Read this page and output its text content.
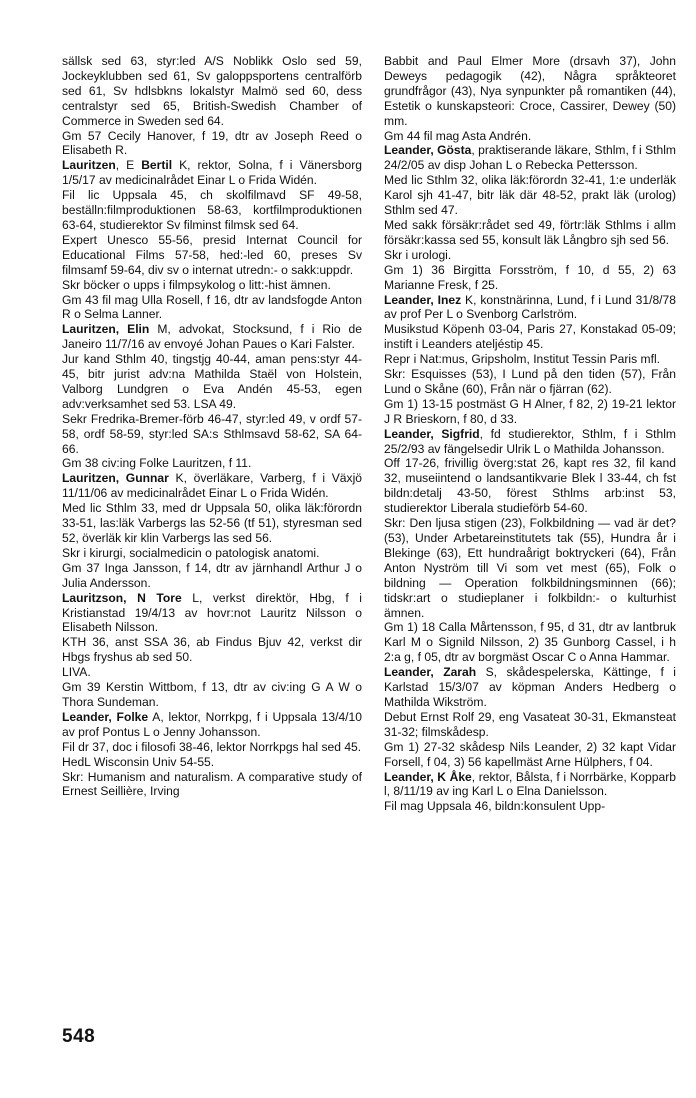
sällsk sed 63, styr:led A/S Noblikk Oslo sed 59, Jockeyklubben sed 61, Sv galoppsportens centralförb sed 61, Sv hdlsbkns lokalstyr Malmö sed 60, dess centralstyr sed 65, British-Swedish Chamber of Commerce in Sweden sed 64.

Gm 57 Cecily Hanover, f 19, dtr av Joseph Reed o Elisabeth R.

Lauritzen, E Bertil K, rektor, Solna, f i Vänersborg 1/5/17 av medicinalrådet Einar L o Frida Widén.

Fil lic Uppsala 45, ch skolfilmavd SF 49-58, beställn:filmproduktionen 58-63, kortfilmproduktionen 63-64, studierektor Sv filminst filmsk sed 64.

Expert Unesco 55-56, presid Internat Council for Educational Films 57-58, hed:-led 60, preses Sv filmsamf 59-64, div sv o internat utredn:- o sakk:uppdr.

Skr böcker o upps i filmpsykolog o litt:-hist ämnen.

Gm 43 fil mag Ulla Rosell, f 16, dtr av landsfogde Anton R o Selma Lanner.

Lauritzen, Elin M, advokat, Stocksund, f i Rio de Janeiro 11/7/16 av envoyé Johan Paues o Kari Falster.

Jur kand Sthlm 40, tingstjg 40-44, aman pens:styr 44-45, bitr jurist adv:na Mathilda Staël von Holstein, Valborg Lundgren o Eva Andén 45-53, egen adv:verksamhet sed 53. LSA 49.

Sekr Fredrika-Bremer-förb 46-47, styr:led 49, v ordf 57-58, ordf 58-59, styr:led SA:s Sthlmsavd 58-62, SA 64-66.

Gm 38 civ:ing Folke Lauritzen, f 11.

Lauritzen, Gunnar K, överläkare, Varberg, f i Växjö 11/11/06 av medicinalrådet Einar L o Frida Widén.

Med lic Sthlm 33, med dr Uppsala 50, olika läk:förordn 33-51, las:läk Varbergs las 52-56 (tf 51), styresman sed 52, överläk kir klin Varbergs las sed 56.

Skr i kirurgi, socialmedicin o patologisk anatomi.

Gm 37 Inga Jansson, f 14, dtr av järnhandl Arthur J o Julia Andersson.

Lauritzson, N Tore L, verkst direktör, Hbg, f i Kristianstad 19/4/13 av hovr:not Lauritz Nilsson o Elisabeth Nilsson.

KTH 36, anst SSA 36, ab Findus Bjuv 42, verkst dir Hbgs fryshus ab sed 50.

LIVA.

Gm 39 Kerstin Wittbom, f 13, dtr av civ:ing G A W o Thora Sundeman.

Leander, Folke A, lektor, Norrkpg, f i Uppsala 13/4/10 av prof Pontus L o Jenny Johansson.

Fil dr 37, doc i filosofi 38-46, lektor Norrkpgs hal sed 45.

HedL Wisconsin Univ 54-55.

Skr: Humanism and naturalism. A comparative study of Ernest Seillière, Irving

Babbit and Paul Elmer More (drsavh 37), John Deweys pedagogik (42), Några språkteoret grundfrågor (43), Nya synpunkter på romantiken (44), Estetik o kunskapsteori: Croce, Cassirer, Dewey (50) mm.

Gm 44 fil mag Asta Andrén.

Leander, Gösta, praktiserande läkare, Sthlm, f i Sthlm 24/2/05 av disp Johan L o Rebecka Pettersson.

Med lic Sthlm 32, olika läk:förordn 32-41, 1:e underläk Karol sjh 41-47, bitr läk där 48-52, prakt läk (urolog) Sthlm sed 47.

Med sakk försäkr:rådet sed 49, förtr:läk Sthlms i allm försäkr:kassa sed 55, konsult läk Långbro sjh sed 56.

Skr i urologi.

Gm 1) 36 Birgitta Forsström, f 10, d 55, 2) 63 Marianne Fresk, f 25.

Leander, Inez K, konstnärinna, Lund, f i Lund 31/8/78 av prof Per L o Svenborg Carlström.

Musikstud Köpenh 03-04, Paris 27, Konstakad 05-09; instift i Leanders ateljéstip 45.

Repr i Nat:mus, Gripsholm, Institut Tessin Paris mfl.

Skr: Esquisses (53), I Lund på den tiden (57), Från Lund o Skåne (60), Från när o fjärran (62).

Gm 1) 13-15 postmäst G H Alner, f 82, 2) 19-21 lektor J R Brieskorn, f 80, d 33.

Leander, Sigfrid, fd studierektor, Sthlm, f i Sthlm 25/2/93 av fängelsedir Ulrik L o Mathilda Johansson.

Off 17-26, frivillig överg:stat 26, kapt res 32, fil kand 32, museiintend o landsantikvarie Blek l 33-44, ch fst bildn:detalj 43-50, förest Sthlms arb:inst 53, studierektor Liberala studieförb 54-60.

Skr: Den ljusa stigen (23), Folkbildning — vad är det? (53), Under Arbetareinstitutets tak (55), Hundra år i Blekinge (63), Ett hundraårigt boktryckeri (64), Från Anton Nyström till Vi som vet mest (65), Folk o bildning — Operation folkbildningsminnen (66); tidskr:art o studieplaner i folkbildn:- o kulturhist ämnen.

Gm 1) 18 Calla Mårtensson, f 95, d 31, dtr av lantbruk Karl M o Signild Nilsson, 2) 35 Gunborg Cassel, i h 2:a g, f 05, dtr av borgmäst Oscar C o Anna Hammar.

Leander, Zarah S, skådespelerska, Kättinge, f i Karlstad 15/3/07 av köpman Anders Hedberg o Mathilda Wikström.

Debut Ernst Rolf 29, eng Vasateat 30-31, Ekmansteat 31-32; filmskådesp.

Gm 1) 27-32 skådesp Nils Leander, 2) 32 kapt Vidar Forsell, f 04, 3) 56 kapellmäst Arne Hülphers, f 04.

Leander, K Åke, rektor, Bålsta, f i Norrbärke, Kopparb l, 8/11/19 av ing Karl L o Elna Danielsson.

Fil mag Uppsala 46, bildn:konsulent Upp-

548
